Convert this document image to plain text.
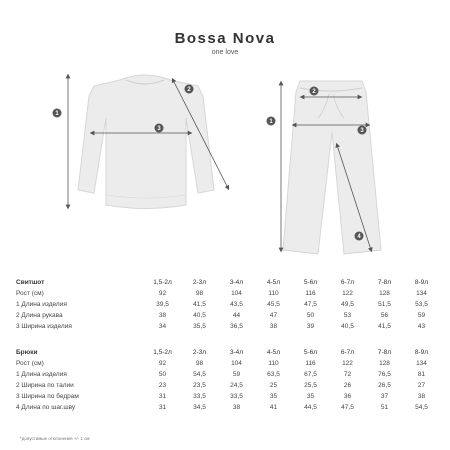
Bossa Nova
one love
1
2
3
1
2
3
4
Свитшот	1,5-2л	2-3л	3-4л	4-5л	5-6л	6-7л	7-8л	8-9л
Рост (см)	92	98	104	110	116	122	128	134
1 Длина изделия	39,5	41,5	43,5	45,5	47,5	49,5	51,5	53,5
2 Длина рукава	38	40,5	44	47	50	53	56	59
3 Ширина изделия	34	35,5	36,5	38	39	40,5	41,5	43
Брюки	1,5-2л	2-3л	3-4л	4-5л	5-6л	6-7л	7-8л	8-9л
Рост (см)	92	98	104	110	116	122	128	134
1 Длина изделия	50	54,5	59	63,5	67,5	72	76,5	81
2 Ширина по талии	23	23,5	24,5	25	25,5	26	26,5	27
3 Ширина по бедрам	31	33,5	33,5	35	35	36	37	38
4 Длина по шаг.шву	31	34,5	38	41	44,5	47,5	51	54,5
*допустимые отклонения +/- 1 см
